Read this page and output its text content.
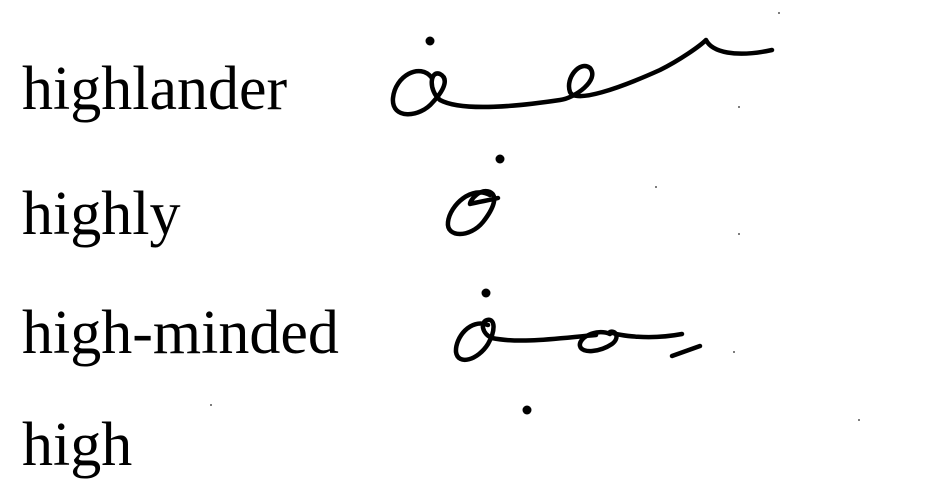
highlander
highly
high-minded
high
